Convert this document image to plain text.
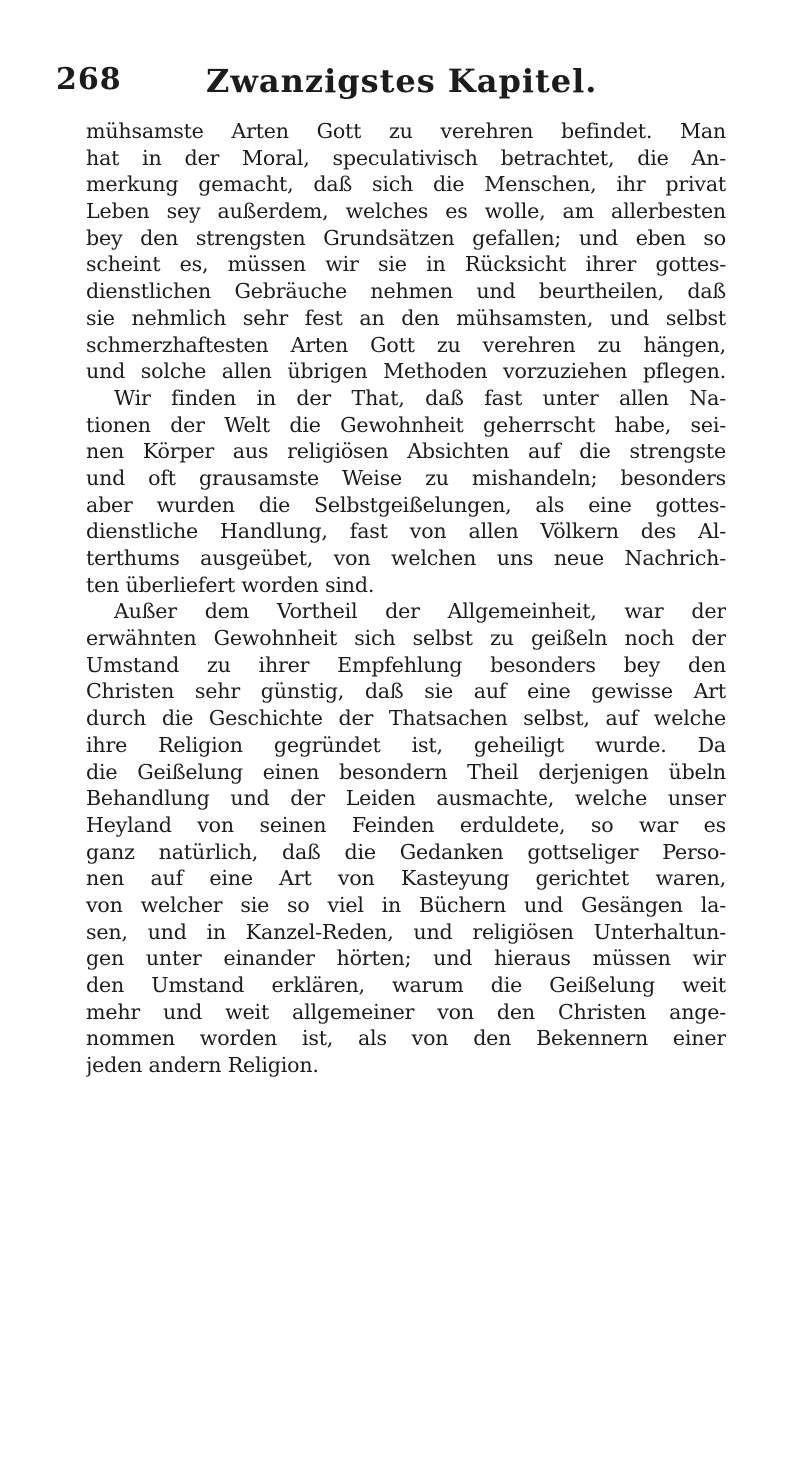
268	Zwanzigstes Kapitel.
mühsamste Arten Gott zu verehren befindet. Man
hat in der Moral, speculativisch betrachtet, die An-
merkung gemacht, daß sich die Menschen, ihr privat
Leben sey außerdem, welches es wolle, am allerbesten
bey den strengsten Grundsätzen gefallen; und eben so
scheint es, müssen wir sie in Rücksicht ihrer gottes-
dienstlichen Gebräuche nehmen und beurtheilen, daß
sie nehmlich sehr fest an den mühsamsten, und selbst
schmerzhaftesten Arten Gott zu verehren zu hängen,
und solche allen übrigen Methoden vorzuziehen pflegen.
Wir finden in der That, daß fast unter allen Na-
tionen der Welt die Gewohnheit geherrscht habe, sei-
nen Körper aus religiösen Absichten auf die strengste
und oft grausamste Weise zu mishandeln; besonders
aber wurden die Selbstgeißelungen, als eine gottes-
dienstliche Handlung, fast von allen Völkern des Al-
terthums ausgeübet, von welchen uns neue Nachrich-
ten überliefert worden sind.
Außer dem Vortheil der Allgemeinheit, war der
erwähnten Gewohnheit sich selbst zu geißeln noch der
Umstand zu ihrer Empfehlung besonders bey den
Christen sehr günstig, daß sie auf eine gewisse Art
durch die Geschichte der Thatsachen selbst, auf welche
ihre Religion gegründet ist, geheiligt wurde. Da
die Geißelung einen besondern Theil derjenigen übeln
Behandlung und der Leiden ausmachte, welche unser
Heyland von seinen Feinden erduldete, so war es
ganz natürlich, daß die Gedanken gottseliger Perso-
nen auf eine Art von Kasteyung gerichtet waren,
von welcher sie so viel in Büchern und Gesängen la-
sen, und in Kanzel-Reden, und religiösen Unterhaltun-
gen unter einander hörten; und hieraus müssen wir
den Umstand erklären, warum die Geißelung weit
mehr und weit allgemeiner von den Christen ange-
nommen worden ist, als von den Bekennern einer
jeden andern Religion.
